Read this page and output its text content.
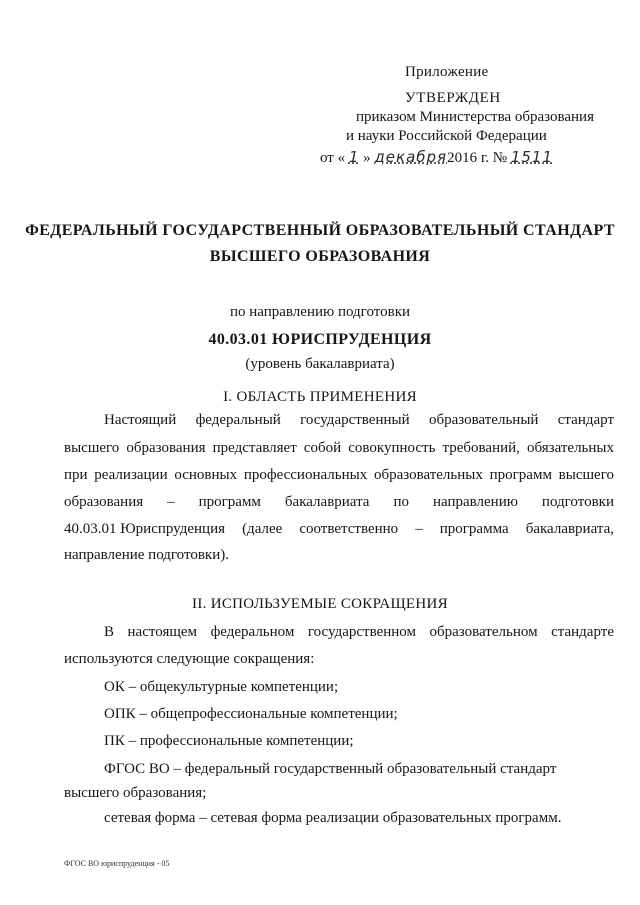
Приложение
УТВЕРЖДЕН
приказом Министерства образования
и науки Российской Федерации
от « 1 » декабря2016 г. № 1511
ФЕДЕРАЛЬНЫЙ ГОСУДАРСТВЕННЫЙ ОБРАЗОВАТЕЛЬНЫЙ СТАНДАРТ
ВЫСШЕГО ОБРАЗОВАНИЯ
по направлению подготовки
40.03.01 ЮРИСПРУДЕНЦИЯ
(уровень бакалавриата)
I. ОБЛАСТЬ ПРИМЕНЕНИЯ
Настоящий федеральный государственный образовательный стандарт
высшего образования представляет собой совокупность требований, обязательных
при реализации основных профессиональных образовательных программ высшего
образования – программ бакалавриата по направлению подготовки
40.03.01 Юриспруденция (далее соответственно – программа бакалавриата,
направление подготовки).
II. ИСПОЛЬЗУЕМЫЕ СОКРАЩЕНИЯ
В настоящем федеральном государственном образовательном стандарте
используются следующие сокращения:
ОК – общекультурные компетенции;
ОПК – общепрофессиональные компетенции;
ПК – профессиональные компетенции;
ФГОС ВО – федеральный государственный образовательный стандарт
высшего образования;
сетевая форма – сетевая форма реализации образовательных программ.
ФГОС ВО юриспруденция - 05
